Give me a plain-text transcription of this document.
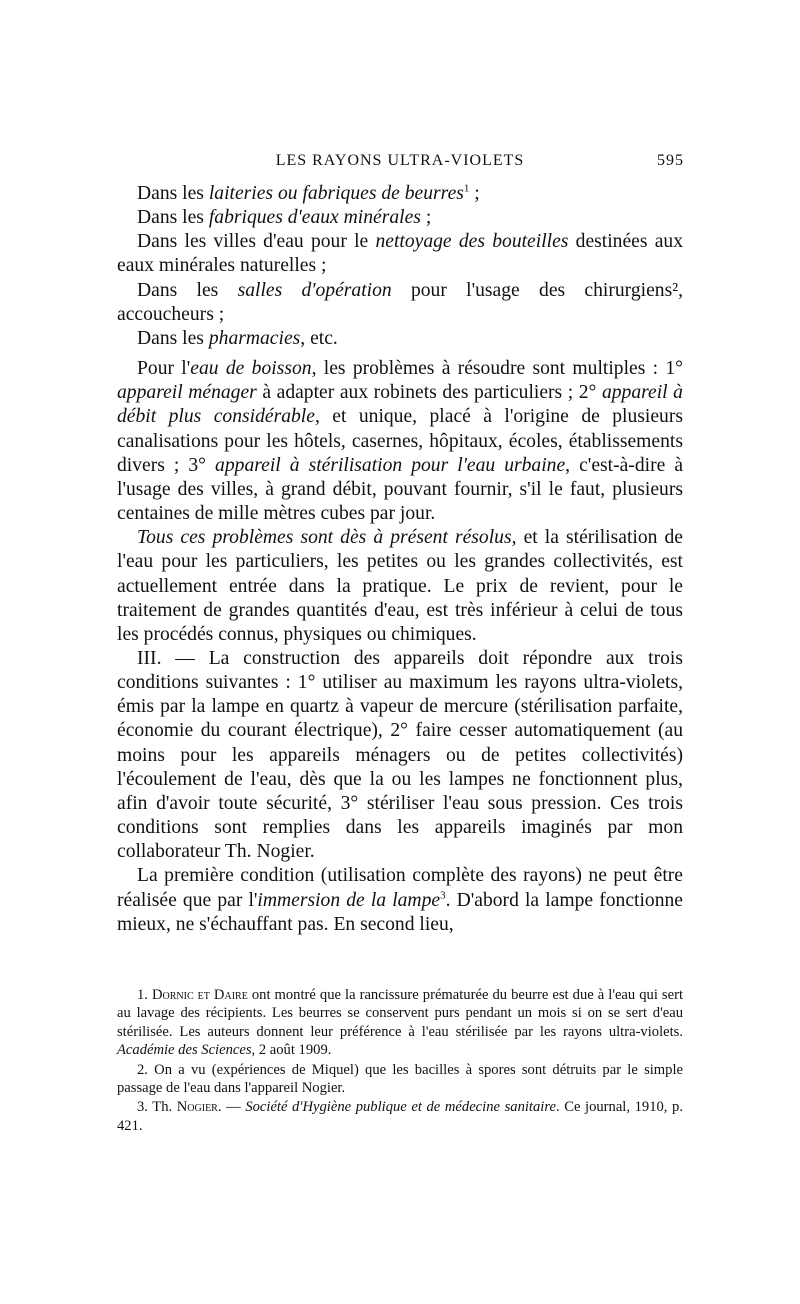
LES RAYONS ULTRA-VIOLETS	595

Dans les laiteries ou fabriques de beurres$^1$ ;

Dans les fabriques d'eaux minérales ;

Dans les villes d'eau pour le nettoyage des bouteilles destinées aux eaux minérales naturelles ;

Dans les salles d'opération pour l'usage des chirurgiens², accoucheurs ;

Dans les pharmacies, etc.

Pour l'eau de boisson, les problèmes à résoudre sont multiples : 1° appareil ménager à adapter aux robinets des particuliers ; 2° appareil à débit plus considérable, et unique, placé à l'origine de plusieurs canalisations pour les hôtels, casernes, hôpitaux, écoles, établissements divers ; 3° appareil à stérilisation pour l'eau urbaine, c'est-à-dire à l'usage des villes, à grand débit, pouvant fournir, s'il le faut, plusieurs centaines de mille mètres cubes par jour.

Tous ces problèmes sont dès à présent résolus, et la stérilisation de l'eau pour les particuliers, les petites ou les grandes collectivités, est actuellement entrée dans la pratique. Le prix de revient, pour le traitement de grandes quantités d'eau, est très inférieur à celui de tous les procédés connus, physiques ou chimiques.

III. — La construction des appareils doit répondre aux trois conditions suivantes : 1° utiliser au maximum les rayons ultra-violets, émis par la lampe en quartz à vapeur de mercure (stérilisation parfaite, économie du courant électrique), 2° faire cesser automatiquement (au moins pour les appareils ménagers ou de petites collectivités) l'écoulement de l'eau, dès que la ou les lampes ne fonctionnent plus, afin d'avoir toute sécurité, 3° stériliser l'eau sous pression. Ces trois conditions sont remplies dans les appareils imaginés par mon collaborateur Th. Nogier.

La première condition (utilisation complète des rayons) ne peut être réalisée que par l'immersion de la lampe$^3$. D'abord la lampe fonctionne mieux, ne s'échauffant pas. En second lieu,

1. Dornic et Daire ont montré que la rancissure prématurée du beurre est due à l'eau qui sert au lavage des récipients. Les beurres se conservent purs pendant un mois si on se sert d'eau stérilisée. Les auteurs donnent leur préférence à l'eau stérilisée par les rayons ultra-violets. Académie des Sciences, 2 août 1909.

2. On a vu (expériences de Miquel) que les bacilles à spores sont détruits par le simple passage de l'eau dans l'appareil Nogier.

3. Th. Nogier. — Société d'Hygiène publique et de médecine sanitaire. Ce journal, 1910, p. 421.
